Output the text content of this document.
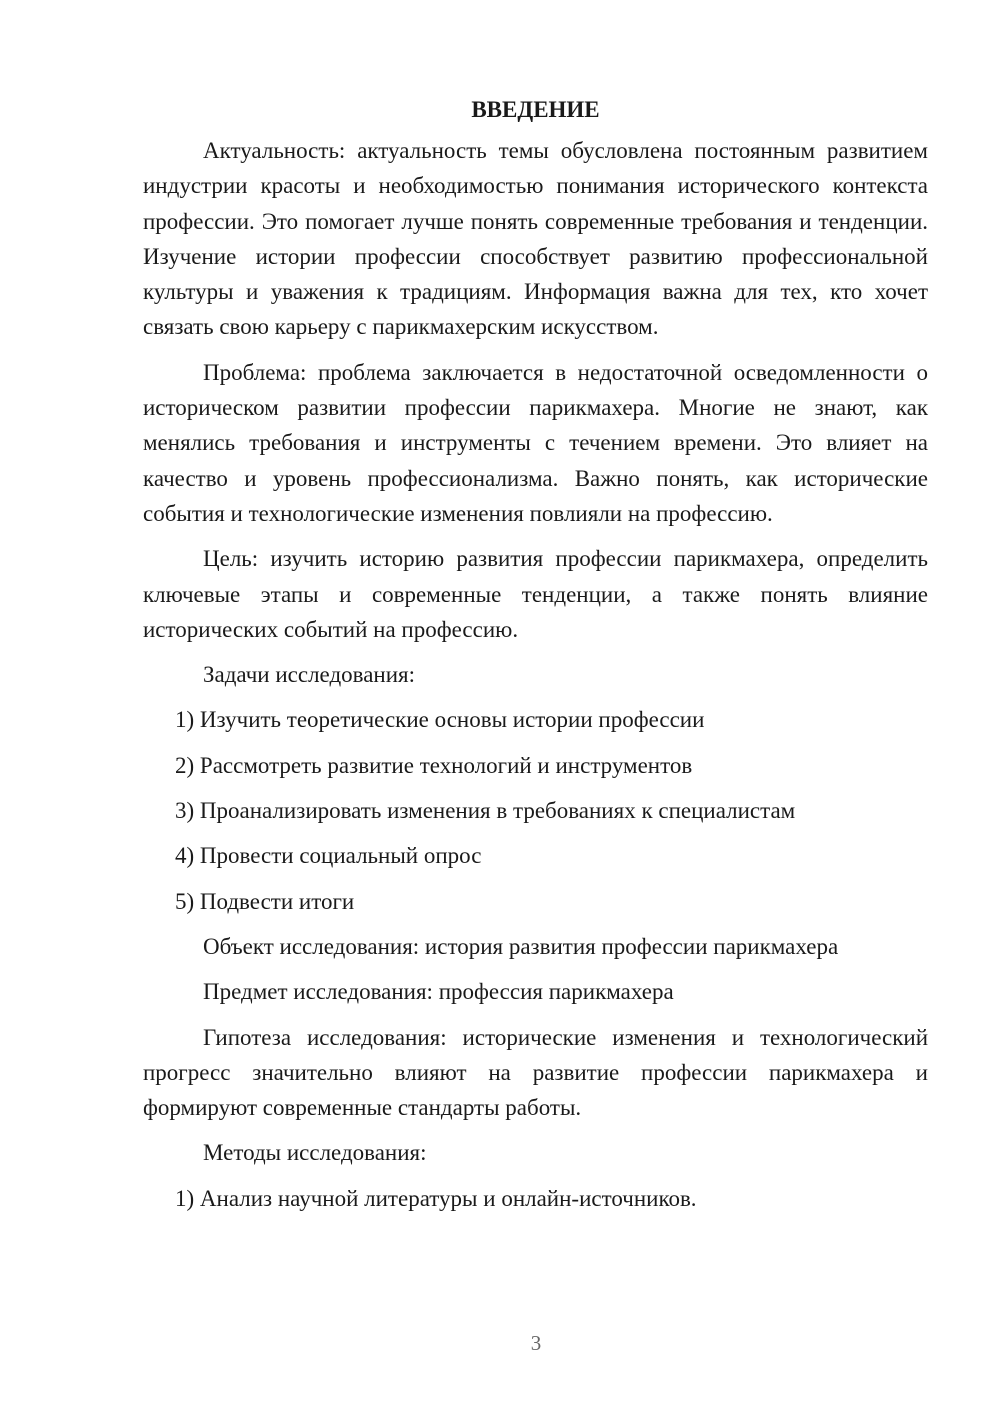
ВВЕДЕНИЕ

Актуальность: актуальность темы обусловлена постоянным развитием индустрии красоты и необходимостью понимания исторического контекста профессии. Это помогает лучше понять современные требования и тенденции. Изучение истории профессии способствует развитию профессиональной культуры и уважения к традициям. Информация важна для тех, кто хочет связать свою карьеру с парикмахерским искусством.

Проблема: проблема заключается в недостаточной осведомленности о историческом развитии профессии парикмахера. Многие не знают, как менялись требования и инструменты с течением времени. Это влияет на качество и уровень профессионализма. Важно понять, как исторические события и технологические изменения повлияли на профессию.

Цель: изучить историю развития профессии парикмахера, определить ключевые этапы и современные тенденции, а также понять влияние исторических событий на профессию.

Задачи исследования:
1) Изучить теоретические основы истории профессии
2) Рассмотреть развитие технологий и инструментов
3) Проанализировать изменения в требованиях к специалистам
4) Провести социальный опрос
5) Подвести итоги
Объект исследования: история развития профессии парикмахера
Предмет исследования: профессия парикмахера

Гипотеза исследования: исторические изменения и технологический прогресс значительно влияют на развитие профессии парикмахера и формируют современные стандарты работы.

Методы исследования:
1) Анализ научной литературы и онлайн-источников.
3
